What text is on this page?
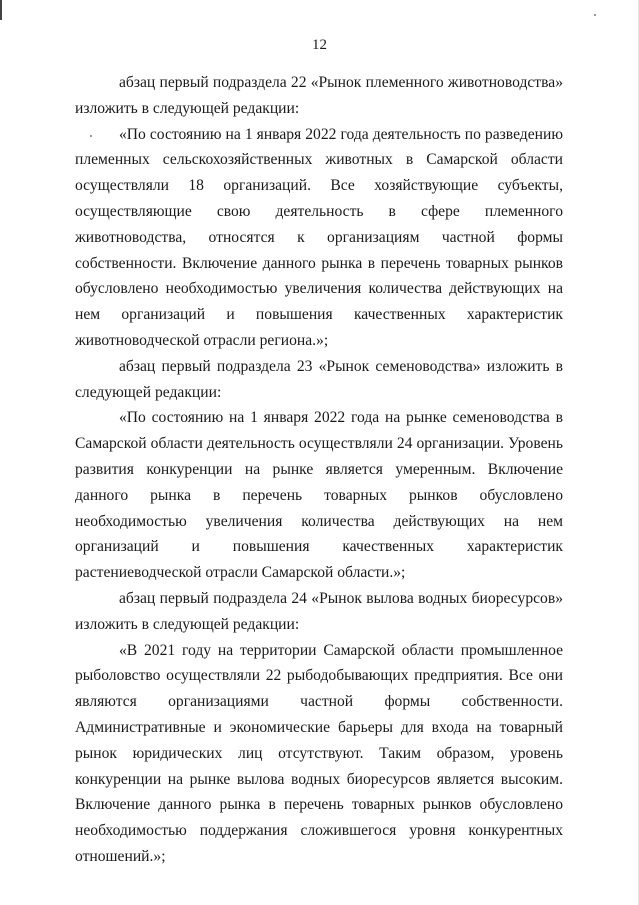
12

абзац первый подраздела 22 «Рынок племенного животноводства» изложить в следующей редакции:

«По состоянию на 1 января 2022 года деятельность по разведению племенных сельскохозяйственных животных в Самарской области осуществляли 18 организаций. Все хозяйствующие субъекты, осуществляющие свою деятельность в сфере племенного животноводства, относятся к организациям частной формы собственности. Включение данного рынка в перечень товарных рынков обусловлено необходимостью увеличения количества действующих на нем организаций и повышения качественных характеристик животноводческой отрасли региона.»;

абзац первый подраздела 23 «Рынок семеноводства» изложить в следующей редакции:

«По состоянию на 1 января 2022 года на рынке семеноводства в Самарской области деятельность осуществляли 24 организации. Уровень развития конкуренции на рынке является умеренным. Включение данного рынка в перечень товарных рынков обусловлено необходимостью увеличения количества действующих на нем организаций и повышения качественных характеристик растениеводческой отрасли Самарской области.»;

абзац первый подраздела 24 «Рынок вылова водных биоресурсов» изложить в следующей редакции:

«В 2021 году на территории Самарской области промышленное рыболовство осуществляли 22 рыбодобывающих предприятия. Все они являются организациями частной формы собственности. Административные и экономические барьеры для входа на товарный рынок юридических лиц отсутствуют. Таким образом, уровень конкуренции на рынке вылова водных биоресурсов является высоким. Включение данного рынка в перечень товарных рынков обусловлено необходимостью поддержания сложившегося уровня конкурентных отношений.»;
